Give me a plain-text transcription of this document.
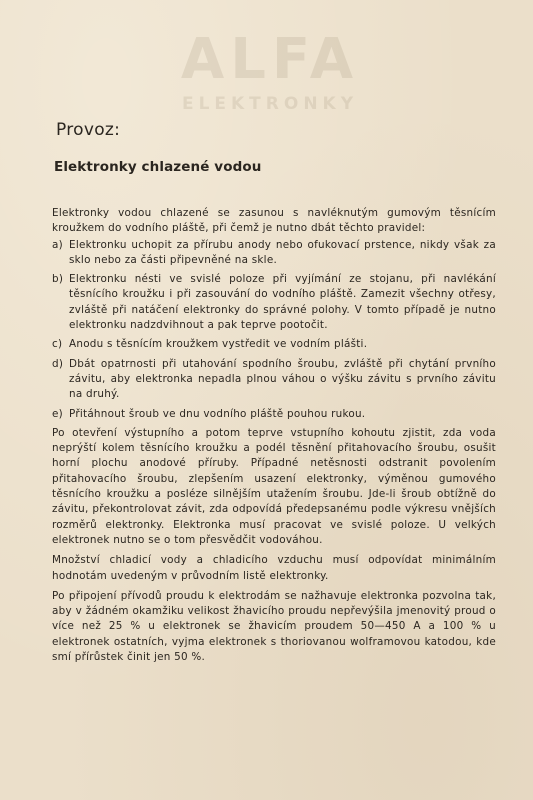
ALFA
ELEKTRONKY
Provoz:
Elektronky chlazené vodou

Elektronky vodou chlazené se zasunou s navléknutým gumovým těsnícím kroužkem do vodního pláště, při čemž je nutno dbát těchto pravidel:

a) Elektronku uchopit za přírubu anody nebo ofukovací prstence, nikdy však za sklo nebo za části připevněné na skle.
b) Elektronku nésti ve svislé poloze při vyjímání ze stojanu, při navlékání těsnícího kroužku i při zasouvání do vodního pláště. Zamezit všechny otřesy, zvláště při natáčení elektronky do správné polohy. V tomto případě je nutno elektronku nadzdvihnout a pak teprve pootočit.
c) Anodu s těsnícím kroužkem vystředit ve vodním plášti.
d) Dbát opatrnosti při utahování spodního šroubu, zvláště při chytání prvního závitu, aby elektronka nepadla plnou váhou o výšku závitu s prvního závitu na druhý.
e) Přitáhnout šroub ve dnu vodního pláště pouhou rukou.

Po otevření výstupního a potom teprve vstupního kohoutu zjistit, zda voda neprýští kolem těsnícího kroužku a podél těsnění přitahovacího šroubu, osušit horní plochu anodové příruby. Případné netěsnosti odstranit povolením přitahovacího šroubu, zlepšením usazení elektronky, výměnou gumového těsnícího kroužku a posléze silnějším utažením šroubu. Jde-li šroub obtížně do závitu, překontrolovat závit, zda odpovídá předepsanému podle výkresu vnějších rozměrů elektronky. Elektronka musí pracovat ve svislé poloze. U velkých elektronek nutno se o tom přesvědčit vodováhou.

Množství chladicí vody a chladicího vzduchu musí odpovídat minimálním hodnotám uvedeným v průvodním listě elektronky.

Po připojení přívodů proudu k elektrodám se nažhavuje elektronka pozvolna tak, aby v žádném okamžiku velikost žhavicího proudu nepřevýšila jmenovitý proud o více než 25 % u elektronek se žhavicím proudem 50—450 A a 100 % u elektronek ostatních, vyjma elektronek s thoriovanou wolframovou katodou, kde smí přírůstek činit jen 50 %.
